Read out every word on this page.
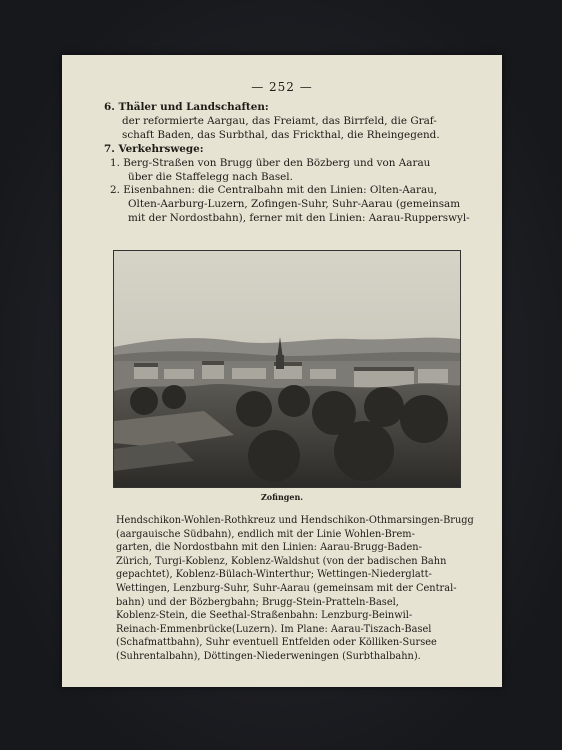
— 252 —
6. Thäler und Landschaften:
der reformierte Aargau, das Freiamt, das Birrfeld, die Graf-
schaft Baden, das Surbthal, das Frickthal, die Rheingegend.
7. Verkehrswege:
1. Berg-Straßen von Brugg über den Bözberg und von Aarau
über die Staffelegg nach Basel.
2. Eisenbahnen: die Centralbahn mit den Linien: Olten-Aarau,
Olten-Aarburg-Luzern, Zofingen-Suhr, Suhr-Aarau (gemeinsam
mit der Nordostbahn), ferner mit den Linien: Aarau-Rupperswyl-
Zofingen.

Hendschikon-Wohlen-Rothkreuz und Hendschikon-Othmarsingen-Brugg

(aargauische Südbahn), endlich mit der Linie Wohlen-Brem-

garten, die Nordostbahn mit den Linien: Aarau-Brugg-Baden-

Zürich, Turgi-Koblenz, Koblenz-Waldshut (von der badischen Bahn

gepachtet), Koblenz-Bülach-Winterthur; Wettingen-Niederglatt-

Wettingen, Lenzburg-Suhr, Suhr-Aarau (gemeinsam mit der Central-

bahn) und der Bözbergbahn; Brugg-Stein-Pratteln-Basel,

Koblenz-Stein, die Seethal-Straßenbahn: Lenzburg-Beinwil-

Reinach-Emmenbrücke(Luzern). Im Plane: Aarau-Tiszach-Basel

(Schafmattbahn), Suhr eventuell Entfelden oder Kölliken-Sursee

(Suhrentalbahn), Döttingen-Niederweningen (Surbthalbahn).
